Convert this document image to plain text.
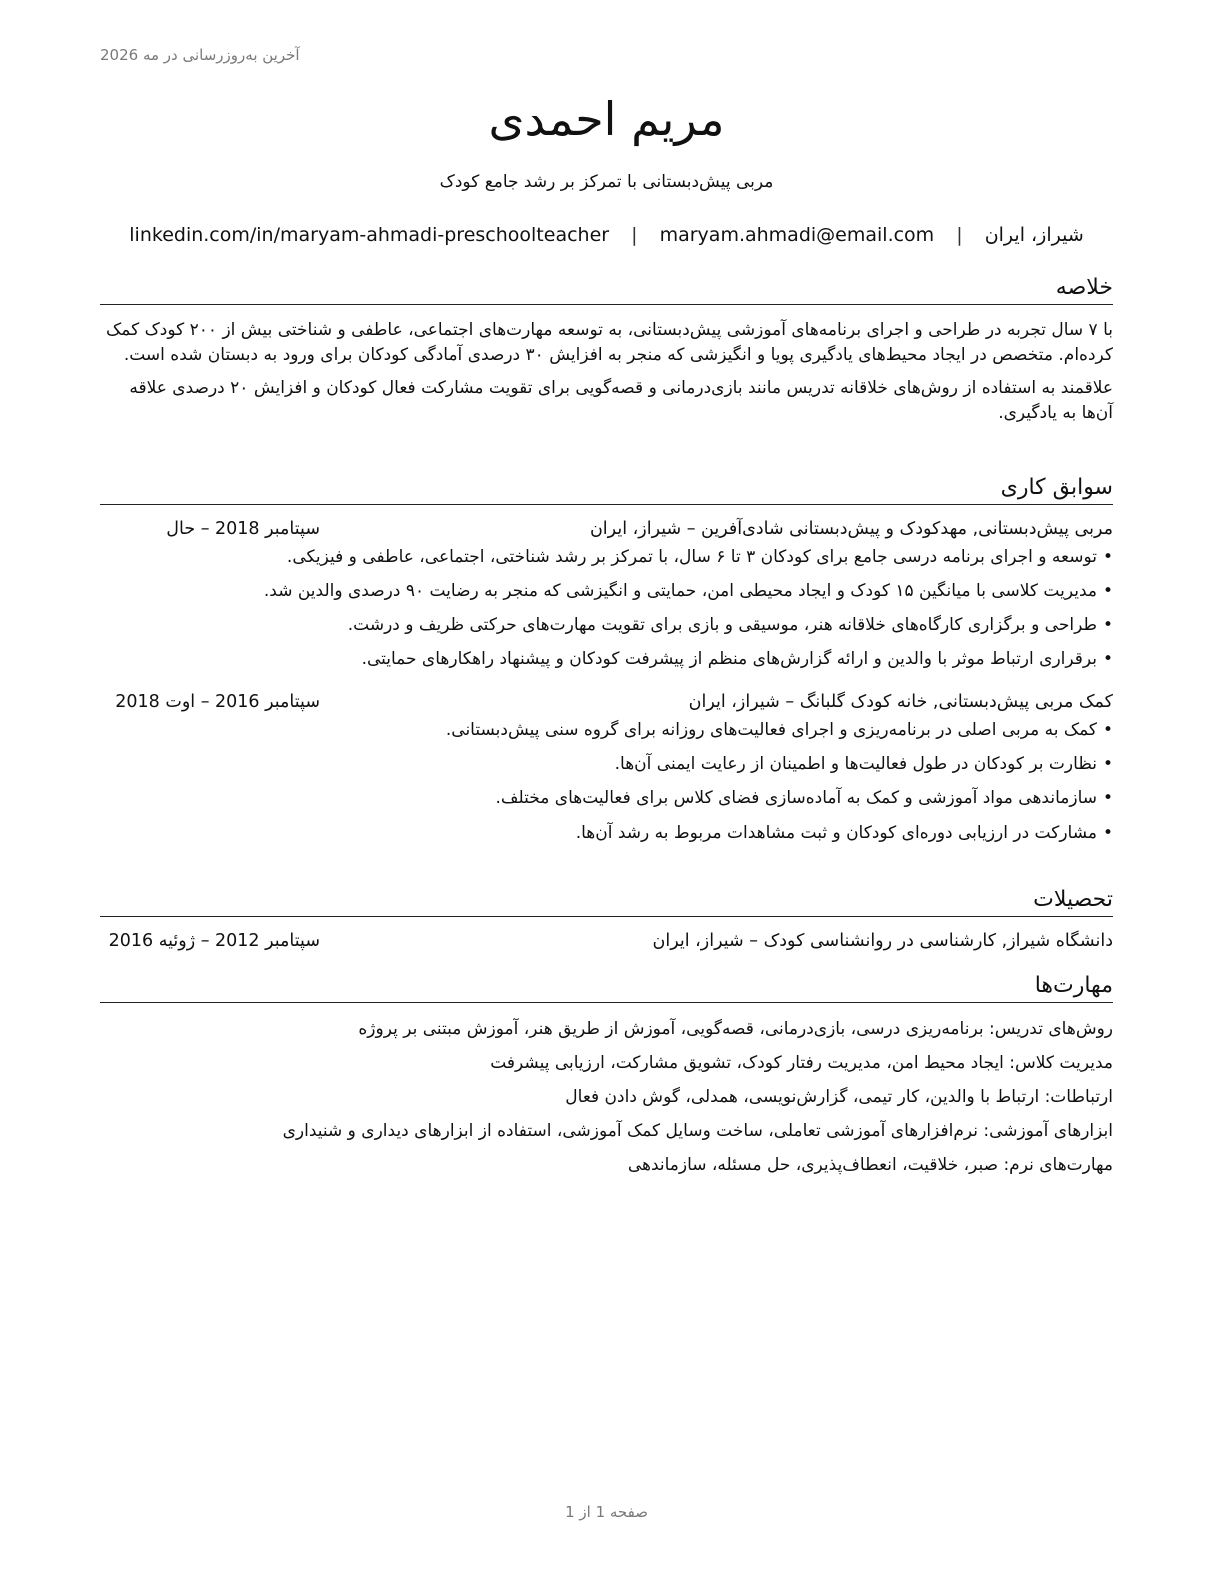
آخرین به‌روزرسانی در مه 2026
مریم احمدی
مربی پیش‌دبستانی با تمرکز بر رشد جامع کودک
شیراز، ایران | maryam.ahmadi@email.com | linkedin.com/in/maryam-ahmadi-preschoolteacher
خلاصه

با ۷ سال تجربه در طراحی و اجرای برنامه‌های آموزشی پیش‌دبستانی، به توسعه مهارت‌های اجتماعی، عاطفی و شناختی بیش از ۲۰۰ کودک کمک کرده‌ام. متخصص در ایجاد محیط‌های یادگیری پویا و انگیزشی که منجر به افزایش ۳۰ درصدی آمادگی کودکان برای ورود به دبستان شده است.

علاقمند به استفاده از روش‌های خلاقانه تدریس مانند بازی‌درمانی و قصه‌گویی برای تقویت مشارکت فعال کودکان و افزایش ۲۰ درصدی علاقه آن‌ها به یادگیری.

سوابق کاری
مربی پیش‌دبستانی, مهدکودک و پیش‌دبستانی شادی‌آفرین – شیراز، ایران
سپتامبر 2018 – حال
•
توسعه و اجرای برنامه درسی جامع برای کودکان ۳ تا ۶ سال، با تمرکز بر رشد شناختی، اجتماعی، عاطفی و فیزیکی.
•
مدیریت کلاسی با میانگین ۱۵ کودک و ایجاد محیطی امن، حمایتی و انگیزشی که منجر به رضایت ۹۰ درصدی والدین شد.
•
طراحی و برگزاری کارگاه‌های خلاقانه هنر، موسیقی و بازی برای تقویت مهارت‌های حرکتی ظریف و درشت.
•
برقراری ارتباط موثر با والدین و ارائه گزارش‌های منظم از پیشرفت کودکان و پیشنهاد راهکارهای حمایتی.
کمک مربی پیش‌دبستانی, خانه کودک گلبانگ – شیراز، ایران
سپتامبر 2016 – اوت 2018
•
کمک به مربی اصلی در برنامه‌ریزی و اجرای فعالیت‌های روزانه برای گروه سنی پیش‌دبستانی.
•
نظارت بر کودکان در طول فعالیت‌ها و اطمینان از رعایت ایمنی آن‌ها.
•
سازماندهی مواد آموزشی و کمک به آماده‌سازی فضای کلاس برای فعالیت‌های مختلف.
•
مشارکت در ارزیابی دوره‌ای کودکان و ثبت مشاهدات مربوط به رشد آن‌ها.
تحصیلات
دانشگاه شیراز, کارشناسی در روانشناسی کودک – شیراز، ایران
سپتامبر 2012 – ژوئیه 2016
مهارت‌ها
روش‌های تدریس: برنامه‌ریزی درسی، بازی‌درمانی، قصه‌گویی، آموزش از طریق هنر، آموزش مبتنی بر پروژه
مدیریت کلاس: ایجاد محیط امن، مدیریت رفتار کودک، تشویق مشارکت، ارزیابی پیشرفت
ارتباطات: ارتباط با والدین، کار تیمی، گزارش‌نویسی، همدلی، گوش دادن فعال
ابزارهای آموزشی: نرم‌افزارهای آموزشی تعاملی، ساخت وسایل کمک آموزشی، استفاده از ابزارهای دیداری و شنیداری
مهارت‌های نرم: صبر، خلاقیت، انعطاف‌پذیری، حل مسئله، سازماندهی
صفحه 1 از 1
